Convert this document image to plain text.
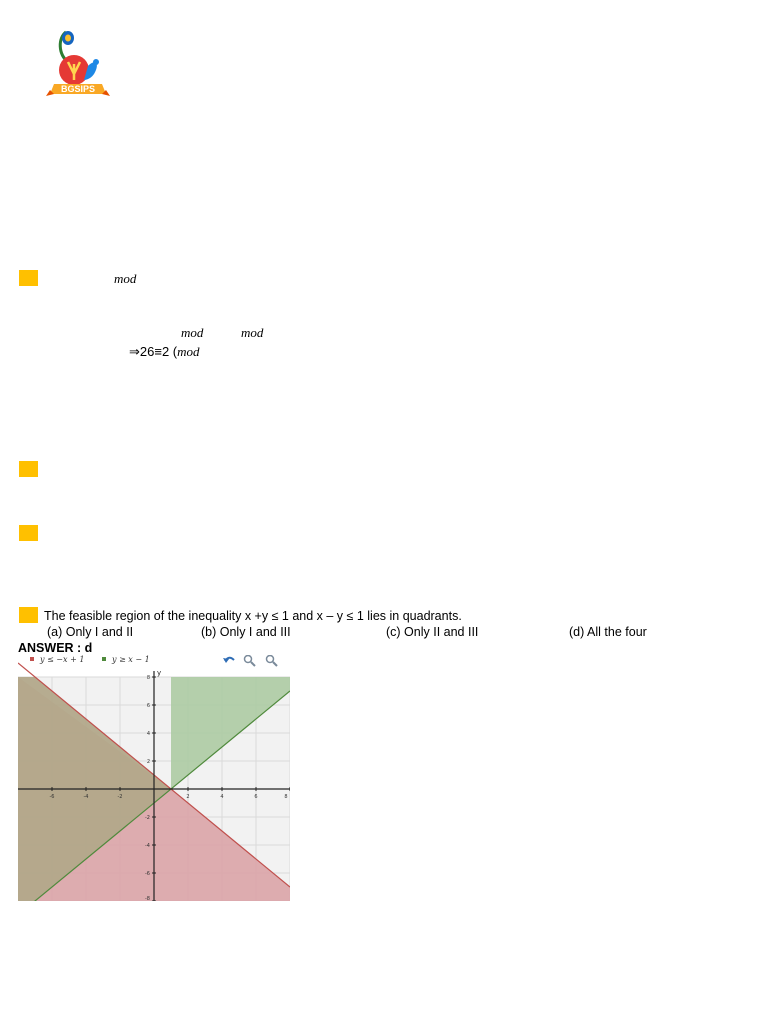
BGSIPS
mod
mod	mod
⇒26≡2 (mod
The feasible region of the inequality x +y ≤ 1 and x – y ≤ 1 lies in quadrants.
(a) Only I and II	(b) Only I and III	(c) Only II and III	(d) All the four
ANSWER : d
y
-6	-4	-2	2	4	6	8
8
6
4
2
-2
-4
-6
-8
y ≤ −x + 1	y ≥ x − 1
